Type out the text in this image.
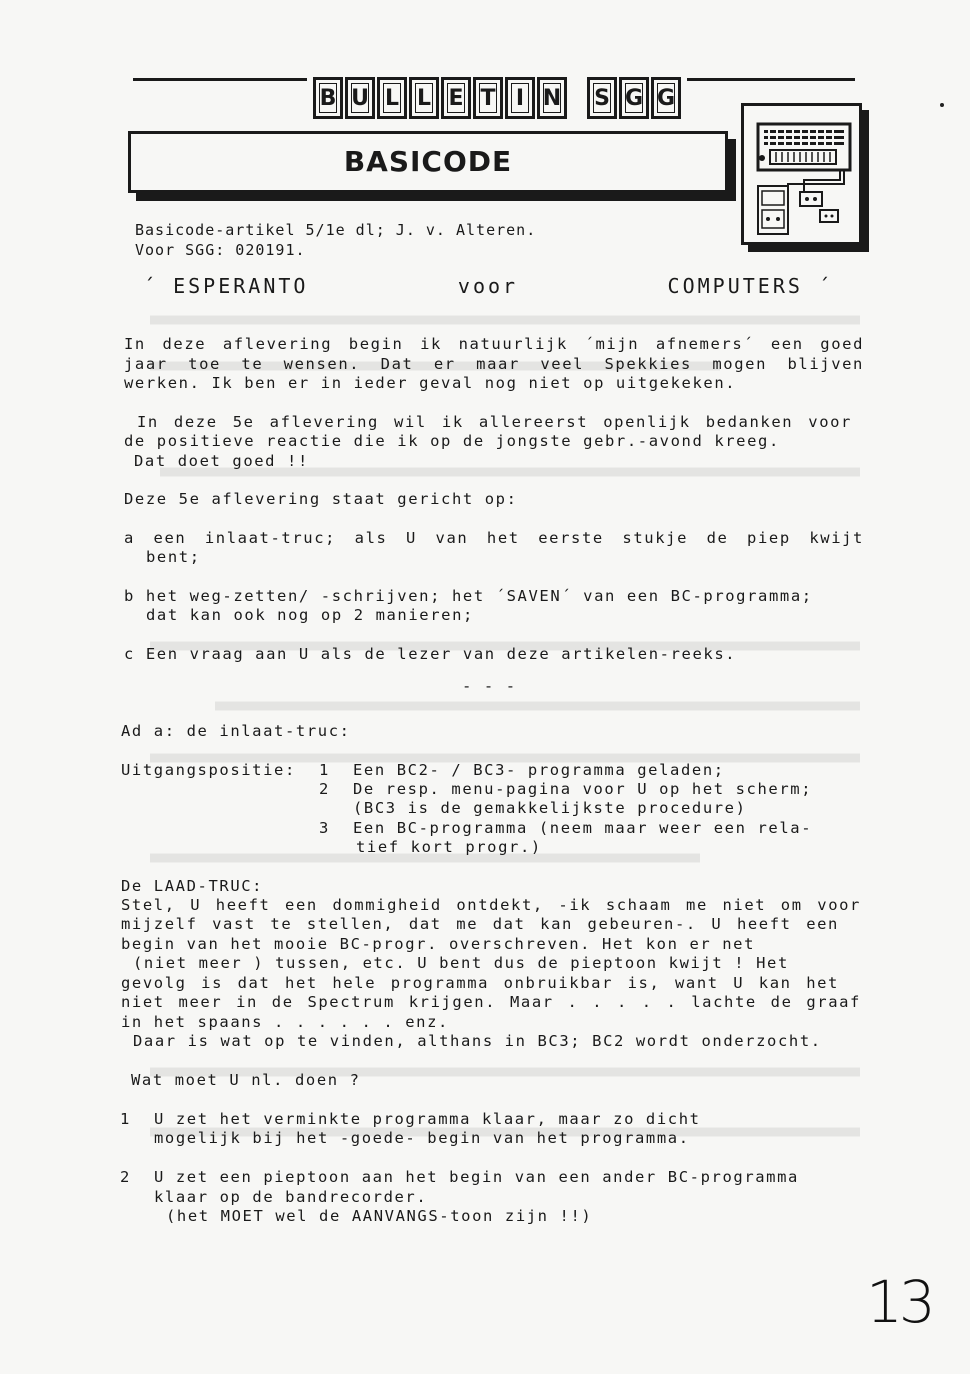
B U L L E T I N	S G G
BASICODE
Basicode-artikel 5/1e dl; J. v. Alteren.
Voor SGG: 020191.
´ ESPERANTO	voor	COMPUTERS ´
In deze aflevering begin ik natuurlijk ´mijn afnemers´ een goed
jaar toe te wensen. Dat er maar veel Spekkies mogen blijven
werken. Ik ben er in ieder geval nog niet op uitgekeken.
In deze 5e aflevering wil ik allereerst openlijk bedanken voor
de positieve reactie die ik op de jongste gebr.-avond kreeg.
Dat doet goed !!
Deze 5e aflevering staat gericht op:
a een inlaat-truc; als U van het eerste stukje de piep kwijt
bent;
b het weg-zetten/ -schrijven; het ´SAVEN´ van een BC-programma;
dat kan ook nog op 2 manieren;
c Een vraag aan U als de lezer van deze artikelen-reeks.
- - -
Ad a: de inlaat-truc:
Uitgangspositie: 1 Een BC2- / BC3- programma geladen;
2 De resp. menu-pagina voor U op het scherm;
(BC3 is de gemakkelijkste procedure)
3 Een BC-programma (neem maar weer een rela-
tief kort progr.)
De LAAD-TRUC:
Stel, U heeft een dommigheid ontdekt, -ik schaam me niet om voor
mijzelf vast te stellen, dat me dat kan gebeuren-. U heeft een
begin van het mooie BC-progr. overschreven. Het kon er net
(niet meer ) tussen, etc. U bent dus de pieptoon kwijt ! Het
gevolg is dat het hele programma onbruikbar is, want U kan het
niet meer in de Spectrum krijgen. Maar . . . . . lachte de graaf
in het spaans . . . . . . enz.
Daar is wat op te vinden, althans in BC3; BC2 wordt onderzocht.
Wat moet U nl. doen ?
1 U zet het verminkte programma klaar, maar zo dicht
mogelijk bij het -goede- begin van het programma.
2 U zet een pieptoon aan het begin van een ander BC-programma
klaar op de bandrecorder.
(het MOET wel de AANVANGS-toon zijn !!)
13
